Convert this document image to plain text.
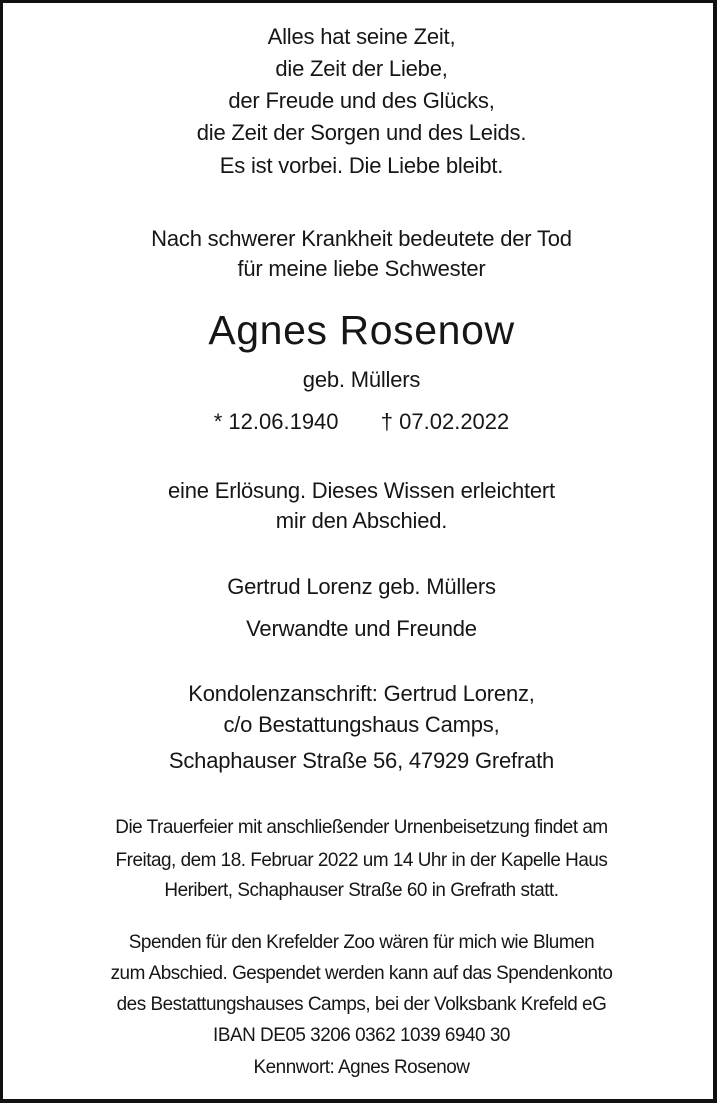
Alles hat seine Zeit,
die Zeit der Liebe,
der Freude und des Glücks,
die Zeit der Sorgen und des Leids.
Es ist vorbei. Die Liebe bleibt.
Nach schwerer Krankheit bedeutete der Tod
für meine liebe Schwester
Agnes Rosenow
geb. Müllers
* 12.06.1940 † 07.02.2022
eine Erlösung. Dieses Wissen erleichtert
mir den Abschied.
Gertrud Lorenz geb. Müllers
Verwandte und Freunde
Kondolenzanschrift: Gertrud Lorenz,
c/o Bestattungshaus Camps,
Schaphauser Straße 56, 47929 Grefrath
Die Trauerfeier mit anschließender Urnenbeisetzung findet am
Freitag, dem 18. Februar 2022 um 14 Uhr in der Kapelle Haus
Heribert, Schaphauser Straße 60 in Grefrath statt.
Spenden für den Krefelder Zoo wären für mich wie Blumen
zum Abschied. Gespendet werden kann auf das Spendenkonto
des Bestattungshauses Camps, bei der Volksbank Krefeld eG
IBAN DE05 3206 0362 1039 6940 30
Kennwort: Agnes Rosenow
